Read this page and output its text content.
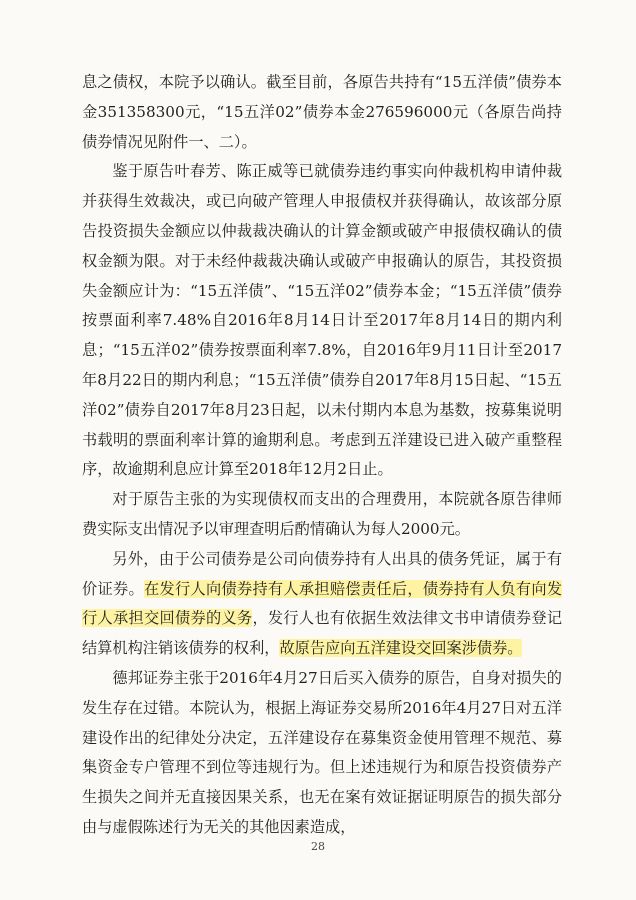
息之债权，本院予以确认。截至目前，各原告共持有“15五洋债”债券本金351358300元，“15五洋02”债券本金276596000元（各原告尚持债券情况见附件一、二）。

鉴于原告叶春芳、陈正威等已就债券违约事实向仲裁机构申请仲裁并获得生效裁决，或已向破产管理人申报债权并获得确认，故该部分原告投资损失金额应以仲裁裁决确认的计算金额或破产申报债权确认的债权金额为限。对于未经仲裁裁决确认或破产申报确认的原告，其投资损失金额应计为：“15五洋债”、“15五洋02”债券本金；“15五洋债”债券按票面利率7.48%自2016年8月14日计至2017年8月14日的期内利息；“15五洋02”债券按票面利率7.8%，自2016年9月11日计至2017年8月22日的期内利息；“15五洋债”债券自2017年8月15日起、“15五洋02”债券自2017年8月23日起，以未付期内本息为基数，按募集说明书载明的票面利率计算的逾期利息。考虑到五洋建设已进入破产重整程序，故逾期利息应计算至2018年12月2日止。

对于原告主张的为实现债权而支出的合理费用，本院就各原告律师费实际支出情况予以审理查明后酌情确认为每人2000元。

另外，由于公司债券是公司向债券持有人出具的债务凭证，属于有价证券。在发行人向债券持有人承担赔偿责任后，债券持有人负有向发行人承担交回债券的义务，发行人也有依据生效法律文书申请债券登记结算机构注销该债券的权利，故原告应向五洋建设交回案涉债券。

德邦证券主张于2016年4月27日后买入债券的原告，自身对损失的发生存在过错。本院认为，根据上海证券交易所2016年4月27日对五洋建设作出的纪律处分决定，五洋建设存在募集资金使用管理不规范、募集资金专户管理不到位等违规行为。但上述违规行为和原告投资债券产生损失之间并无直接因果关系，也无在案有效证据证明原告的损失部分由与虚假陈述行为无关的其他因素造成，

28
